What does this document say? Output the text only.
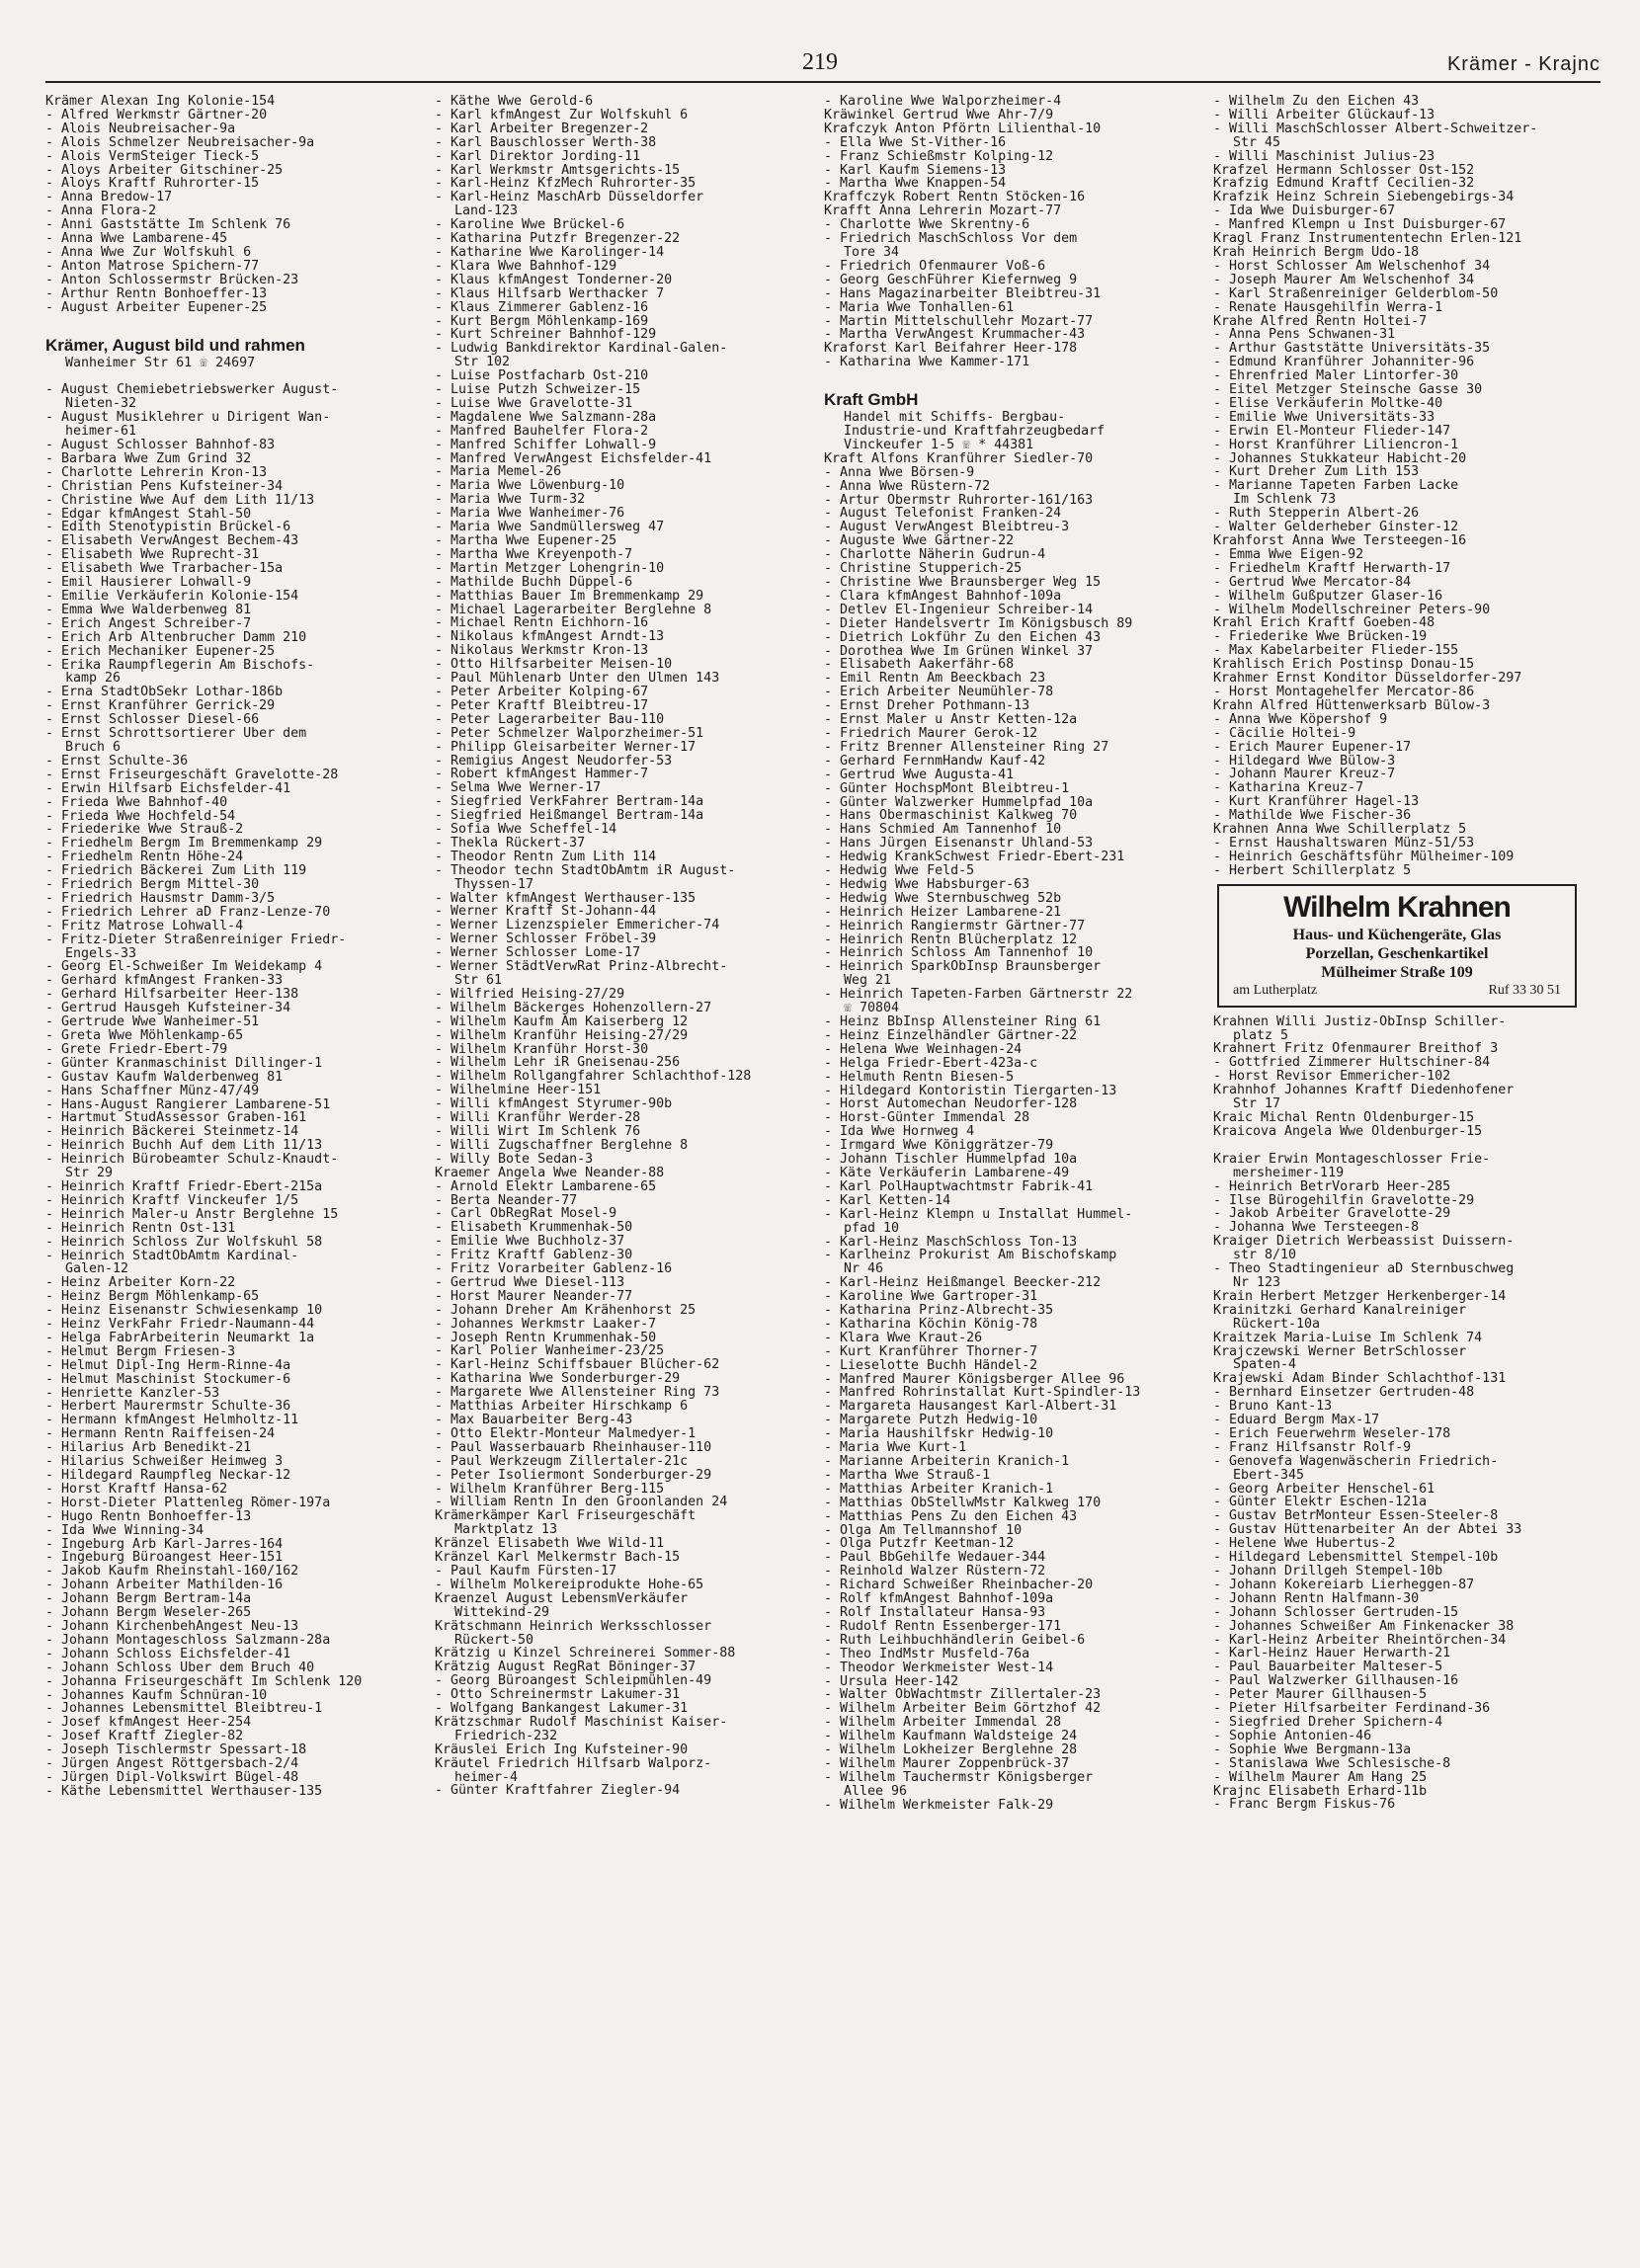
219	Krämer - Krajnc
Krämer Alexan Ing Kolonie-154
- Alfred Werkmstr Gärtner-20
- Alois Neubreisacher-9a
- Alois Schmelzer Neubreisacher-9a
- Alois VermSteiger Tieck-5
- Aloys Arbeiter Gitschiner-25
- Aloys Kraftf Ruhrorter-15
- Anna Bredow-17
- Anna Flora-2
- Anni Gaststätte Im Schlenk 76
- Anna Wwe Lambarene-45
- Anna Wwe Zur Wolfskuhl 6
- Anton Matrose Spichern-77
- Anton Schlossermstr Brücken-23
- Arthur Rentn Bonhoeffer-13
- August Arbeiter Eupener-25
Krämer, August bild und rahmen
Wanheimer Str 61 ☏ 24697
- August Chemiebetriebswerker August-
Nieten-32
- August Musiklehrer u Dirigent Wan-
heimer-61
- August Schlosser Bahnhof-83
- Barbara Wwe Zum Grind 32
- Charlotte Lehrerin Kron-13
- Christian Pens Kufsteiner-34
- Christine Wwe Auf dem Lith 11/13
- Edgar kfmAngest Stahl-50
- Edith Stenotypistin Brückel-6
- Elisabeth VerwAngest Bechem-43
- Elisabeth Wwe Ruprecht-31
- Elisabeth Wwe Trarbacher-15a
- Emil Hausierer Lohwall-9
- Emilie Verkäuferin Kolonie-154
- Emma Wwe Walderbenweg 81
- Erich Angest Schreiber-7
- Erich Arb Altenbrucher Damm 210
- Erich Mechaniker Eupener-25
- Erika Raumpflegerin Am Bischofs-
kamp 26
- Erna StadtObSekr Lothar-186b
- Ernst Kranführer Gerrick-29
- Ernst Schlosser Diesel-66
- Ernst Schrottsortierer Über dem
Bruch 6
- Ernst Schulte-36
- Ernst Friseurgeschäft Gravelotte-28
- Erwin Hilfsarb Eichsfelder-41
- Frieda Wwe Bahnhof-40
- Frieda Wwe Hochfeld-54
- Friederike Wwe Strauß-2
- Friedhelm Bergm Im Bremmenkamp 29
- Friedhelm Rentn Höhe-24
- Friedrich Bäckerei Zum Lith 119
- Friedrich Bergm Mittel-30
- Friedrich Hausmstr Damm-3/5
- Friedrich Lehrer aD Franz-Lenze-70
- Fritz Matrose Lohwall-4
- Fritz-Dieter Straßenreiniger Friedr-
Engels-33
- Georg El-Schweißer Im Weidekamp 4
- Gerhard kfmAngest Franken-33
- Gerhard Hilfsarbeiter Heer-138
- Gertrud Hausgeh Kufsteiner-34
- Gertrude Wwe Wanheimer-51
- Greta Wwe Möhlenkamp-65
- Grete Friedr-Ebert-79
- Günter Kranmaschinist Dillinger-1
- Gustav Kaufm Walderbenweg 81
- Hans Schaffner Münz-47/49
- Hans-August Rangierer Lambarene-51
- Hartmut StudAssessor Graben-161
- Heinrich Bäckerei Steinmetz-14
- Heinrich Buchh Auf dem Lith 11/13
- Heinrich Bürobeamter Schulz-Knaudt-
Str 29
- Heinrich Kraftf Friedr-Ebert-215a
- Heinrich Kraftf Vinckeufer 1/5
- Heinrich Maler-u Anstr Berglehne 15
- Heinrich Rentn Ost-131
- Heinrich Schloss Zur Wolfskuhl 58
- Heinrich StadtObAmtm Kardinal-
Galen-12
- Heinz Arbeiter Korn-22
- Heinz Bergm Möhlenkamp-65
- Heinz Eisenanstr Schwiesenkamp 10
- Heinz VerkFahr Friedr-Naumann-44
- Helga FabrArbeiterin Neumarkt 1a
- Helmut Bergm Friesen-3
- Helmut Dipl-Ing Herm-Rinne-4a
- Helmut Maschinist Stockumer-6
- Henriette Kanzler-53
- Herbert Maurermstr Schulte-36
- Hermann kfmAngest Helmholtz-11
- Hermann Rentn Raiffeisen-24
- Hilarius Arb Benedikt-21
- Hilarius Schweißer Heimweg 3
- Hildegard Raumpfleg Neckar-12
- Horst Kraftf Hansa-62
- Horst-Dieter Plattenleg Römer-197a
- Hugo Rentn Bonhoeffer-13
- Ida Wwe Winning-34
- Ingeburg Arb Karl-Jarres-164
- Ingeburg Büroangest Heer-151
- Jakob Kaufm Rheinstahl-160/162
- Johann Arbeiter Mathilden-16
- Johann Bergm Bertram-14a
- Johann Bergm Weseler-265
- Johann KirchenbehAngest Neu-13
- Johann Montageschloss Salzmann-28a
- Johann Schloss Eichsfelder-41
- Johann Schloss Über dem Bruch 40
- Johanna Friseurgeschäft Im Schlenk 120
- Johannes Kaufm Schnüran-10
- Johannes Lebensmittel Bleibtreu-1
- Josef kfmAngest Heer-254
- Josef Kraftf Ziegler-82
- Joseph Tischlermstr Spessart-18
- Jürgen Angest Röttgersbach-2/4
- Jürgen Dipl-Volkswirt Bügel-48
- Käthe Lebensmittel Werthauser-135
- Käthe Wwe Gerold-6
- Karl kfmAngest Zur Wolfskuhl 6
- Karl Arbeiter Bregenzer-2
- Karl Bauschlosser Werth-38
- Karl Direktor Jording-11
- Karl Werkmstr Amtsgerichts-15
- Karl-Heinz KfzMech Ruhrorter-35
- Karl-Heinz MaschArb Düsseldorfer
Land-123
- Karoline Wwe Brückel-6
- Katharina Putzfr Bregenzer-22
- Katharine Wwe Karolinger-14
- Klara Wwe Bahnhof-129
- Klaus kfmAngest Tonderner-20
- Klaus Hilfsarb Werthacker 7
- Klaus Zimmerer Gablenz-16
- Kurt Bergm Möhlenkamp-169
- Kurt Schreiner Bahnhof-129
- Ludwig Bankdirektor Kardinal-Galen-
Str 102
- Luise Postfacharb Ost-210
- Luise Putzh Schweizer-15
- Luise Wwe Gravelotte-31
- Magdalene Wwe Salzmann-28a
- Manfred Bauhelfer Flora-2
- Manfred Schiffer Lohwall-9
- Manfred VerwAngest Eichsfelder-41
- Maria Memel-26
- Maria Wwe Löwenburg-10
- Maria Wwe Turm-32
- Maria Wwe Wanheimer-76
- Maria Wwe Sandmüllersweg 47
- Martha Wwe Eupener-25
- Martha Wwe Kreyenpoth-7
- Martin Metzger Lohengrin-10
- Mathilde Buchh Düppel-6
- Matthias Bauer Im Bremmenkamp 29
- Michael Lagerarbeiter Berglehne 8
- Michael Rentn Eichhorn-16
- Nikolaus kfmAngest Arndt-13
- Nikolaus Werkmstr Kron-13
- Otto Hilfsarbeiter Meisen-10
- Paul Mühlenarb Unter den Ulmen 143
- Peter Arbeiter Kolping-67
- Peter Kraftf Bleibtreu-17
- Peter Lagerarbeiter Bau-110
- Peter Schmelzer Walporzheimer-51
- Philipp Gleisarbeiter Werner-17
- Remigius Angest Neudorfer-53
- Robert kfmAngest Hammer-7
- Selma Wwe Werner-17
- Siegfried VerkFahrer Bertram-14a
- Siegfried Heißmangel Bertram-14a
- Sofia Wwe Scheffel-14
- Thekla Rückert-37
- Theodor Rentn Zum Lith 114
- Theodor techn StadtObAmtm iR August-
Thyssen-17
- Walter kfmAngest Werthauser-135
- Werner Kraftf St-Johann-44
- Werner Lizenzspieler Emmericher-74
- Werner Schlosser Fröbel-39
- Werner Schlosser Lome-17
- Werner StädtVerwRat Prinz-Albrecht-
Str 61
- Wilfried Heising-27/29
- Wilhelm Bäckerges Hohenzollern-27
- Wilhelm Kaufm Am Kaiserberg 12
- Wilhelm Kranführ Heising-27/29
- Wilhelm Kranführ Horst-30
- Wilhelm Lehr iR Gneisenau-256
- Wilhelm Rollgangfahrer Schlachthof-128
- Wilhelmine Heer-151
- Willi kfmAngest Styrumer-90b
- Willi Kranführ Werder-28
- Willi Wirt Im Schlenk 76
- Willi Zugschaffner Berglehne 8
- Willy Bote Sedan-3
Kraemer Angela Wwe Neander-88
- Arnold Elektr Lambarene-65
- Berta Neander-77
- Carl ObRegRat Mosel-9
- Elisabeth Krummenhak-50
- Emilie Wwe Buchholz-37
- Fritz Kraftf Gablenz-30
- Fritz Vorarbeiter Gablenz-16
- Gertrud Wwe Diesel-113
- Horst Maurer Neander-77
- Johann Dreher Am Krähenhorst 25
- Johannes Werkmstr Laaker-7
- Joseph Rentn Krummenhak-50
- Karl Polier Wanheimer-23/25
- Karl-Heinz Schiffsbauer Blücher-62
- Katharina Wwe Sonderburger-29
- Margarete Wwe Allensteiner Ring 73
- Matthias Arbeiter Hirschkamp 6
- Max Bauarbeiter Berg-43
- Otto Elektr-Monteur Malmedyer-1
- Paul Wasserbauarb Rheinhauser-110
- Paul Werkzeugm Zillertaler-21c
- Peter Isoliermont Sonderburger-29
- Wilhelm Kranführer Berg-115
- William Rentn In den Groonlanden 24
Krämerkämper Karl Friseurgeschäft
Marktplatz 13
Kränzel Elisabeth Wwe Wild-11
Kränzel Karl Melkermstr Bach-15
- Paul Kaufm Fürsten-17
- Wilhelm Molkereiprodukte Hohe-65
Kraenzel August LebensmVerkäufer
Wittekind-29
Krätschmann Heinrich Werksschlosser
Rückert-50
Krätzig u Kinzel Schreinerei Sommer-88
Krätzig August RegRat Böninger-37
- Georg Büroangest Schleipmühlen-49
- Otto Schreinermstr Lakumer-31
- Wolfgang Bankangest Lakumer-31
Krätzschmar Rudolf Maschinist Kaiser-
Friedrich-232
Kräuslei Erich Ing Kufsteiner-90
Kräutel Friedrich Hilfsarb Walporz-
heimer-4
- Günter Kraftfahrer Ziegler-94
- Karoline Wwe Walporzheimer-4
Kräwinkel Gertrud Wwe Ahr-7/9
Krafczyk Anton Pförtn Lilienthal-10
- Ella Wwe St-Vither-16
- Franz Schießmstr Kolping-12
- Karl Kaufm Siemens-13
- Martha Wwe Knappen-54
Kraffczyk Robert Rentn Stöcken-16
Krafft Anna Lehrerin Mozart-77
- Charlotte Wwe Skrentny-6
- Friedrich MaschSchloss Vor dem
Tore 34
- Friedrich Ofenmaurer Voß-6
- Georg GeschFührer Kiefernweg 9
- Hans Magazinarbeiter Bleibtreu-31
- Maria Wwe Tonhallen-61
- Martin Mittelschullehr Mozart-77
- Martha VerwAngest Krummacher-43
Kraforst Karl Beifahrer Heer-178
- Katharina Wwe Kammer-171
Kraft GmbH
Handel mit Schiffs- Bergbau-
Industrie-und Kraftfahrzeugbedarf
Vinckeufer 1-5 ☏ * 44381
Kraft Alfons Kranführer Siedler-70
- Anna Wwe Börsen-9
- Anna Wwe Rüstern-72
- Artur Obermstr Ruhrorter-161/163
- August Telefonist Franken-24
- August VerwAngest Bleibtreu-3
- Auguste Wwe Gärtner-22
- Charlotte Näherin Gudrun-4
- Christine Stupperich-25
- Christine Wwe Braunsberger Weg 15
- Clara kfmAngest Bahnhof-109a
- Detlev El-Ingenieur Schreiber-14
- Dieter Handelsvertr Im Königsbusch 89
- Dietrich Lokführ Zu den Eichen 43
- Dorothea Wwe Im Grünen Winkel 37
- Elisabeth Aakerfähr-68
- Emil Rentn Am Beeckbach 23
- Erich Arbeiter Neumühler-78
- Ernst Dreher Pothmann-13
- Ernst Maler u Anstr Ketten-12a
- Friedrich Maurer Gerok-12
- Fritz Brenner Allensteiner Ring 27
- Gerhard FernmHandw Kauf-42
- Gertrud Wwe Augusta-41
- Günter HochspMont Bleibtreu-1
- Günter Walzwerker Hummelpfad 10a
- Hans Obermaschinist Kalkweg 70
- Hans Schmied Am Tannenhof 10
- Hans Jürgen Eisenanstr Uhland-53
- Hedwig KrankSchwest Friedr-Ebert-231
- Hedwig Wwe Feld-5
- Hedwig Wwe Habsburger-63
- Hedwig Wwe Sternbuschweg 52b
- Heinrich Heizer Lambarene-21
- Heinrich Rangiermstr Gärtner-77
- Heinrich Rentn Blücherplatz 12
- Heinrich Schloss Am Tannenhof 10
- Heinrich SparkObInsp Braunsberger
Weg 21
- Heinrich Tapeten-Farben Gärtnerstr 22
☏ 70804
- Heinz BbInsp Allensteiner Ring 61
- Heinz Einzelhändler Gärtner-22
- Helena Wwe Weinhagen-24
- Helga Friedr-Ebert-423a-c
- Helmuth Rentn Biesen-5
- Hildegard Kontoristin Tiergarten-13
- Horst Automechan Neudorfer-128
- Horst-Günter Immendal 28
- Ida Wwe Hornweg 4
- Irmgard Wwe Königgrätzer-79
- Johann Tischler Hummelpfad 10a
- Käte Verkäuferin Lambarene-49
- Karl PolHauptwachtmstr Fabrik-41
- Karl Ketten-14
- Karl-Heinz Klempn u Installat Hummel-
pfad 10
- Karl-Heinz MaschSchloss Ton-13
- Karlheinz Prokurist Am Bischofskamp
Nr 46
- Karl-Heinz Heißmangel Beecker-212
- Karoline Wwe Gartroper-31
- Katharina Prinz-Albrecht-35
- Katharina Köchin König-78
- Klara Wwe Kraut-26
- Kurt Kranführer Thorner-7
- Lieselotte Buchh Händel-2
- Manfred Maurer Königsberger Allee 96
- Manfred Rohrinstallat Kurt-Spindler-13
- Margareta Hausangest Karl-Albert-31
- Margarete Putzh Hedwig-10
- Maria Haushilfskr Hedwig-10
- Maria Wwe Kurt-1
- Marianne Arbeiterin Kranich-1
- Martha Wwe Strauß-1
- Matthias Arbeiter Kranich-1
- Matthias ObStellwMstr Kalkweg 170
- Matthias Pens Zu den Eichen 43
- Olga Am Tellmannshof 10
- Olga Putzfr Keetman-12
- Paul BbGehilfe Wedauer-344
- Reinhold Walzer Rüstern-72
- Richard Schweißer Rheinbacher-20
- Rolf kfmAngest Bahnhof-109a
- Rolf Installateur Hansa-93
- Rudolf Rentn Essenberger-171
- Ruth Leihbuchhändlerin Geibel-6
- Theo IndMstr Musfeld-76a
- Theodor Werkmeister West-14
- Ursula Heer-142
- Walter ObWachtmstr Zillertaler-23
- Wilhelm Arbeiter Beim Görtzhof 42
- Wilhelm Arbeiter Immendal 28
- Wilhelm Kaufmann Waldsteige 24
- Wilhelm Lokheizer Berglehne 28
- Wilhelm Maurer Zoppenbrück-37
- Wilhelm Tauchermstr Königsberger
Allee 96
- Wilhelm Werkmeister Falk-29
- Wilhelm Zu den Eichen 43
- Willi Arbeiter Glückauf-13
- Willi MaschSchlosser Albert-Schweitzer-
Str 45
- Willi Maschinist Julius-23
Krafzel Hermann Schlosser Ost-152
Krafzig Edmund Kraftf Cecilien-32
Krafzik Heinz Schrein Siebengebirgs-34
- Ida Wwe Duisburger-67
- Manfred Klempn u Inst Duisburger-67
Kragl Franz Instrumententechn Erlen-121
Krah Heinrich Bergm Udo-18
- Horst Schlosser Am Welschenhof 34
- Joseph Maurer Am Welschenhof 34
- Karl Straßenreiniger Gelderblom-50
- Renate Hausgehilfin Werra-1
Krahe Alfred Rentn Holtei-7
- Anna Pens Schwanen-31
- Arthur Gaststätte Universitäts-35
- Edmund Kranführer Johanniter-96
- Ehrenfried Maler Lintorfer-30
- Eitel Metzger Steinsche Gasse 30
- Elise Verkäuferin Moltke-40
- Emilie Wwe Universitäts-33
- Erwin El-Monteur Flieder-147
- Horst Kranführer Liliencron-1
- Johannes Stukkateur Habicht-20
- Kurt Dreher Zum Lith 153
- Marianne Tapeten Farben Lacke
Im Schlenk 73
- Ruth Stepperin Albert-26
- Walter Gelderheber Ginster-12
Krahforst Anna Wwe Tersteegen-16
- Emma Wwe Eigen-92
- Friedhelm Kraftf Herwarth-17
- Gertrud Wwe Mercator-84
- Wilhelm Gußputzer Glaser-16
- Wilhelm Modellschreiner Peters-90
Krahl Erich Kraftf Goeben-48
- Friederike Wwe Brücken-19
- Max Kabelarbeiter Flieder-155
Krahlisch Erich Postinsp Donau-15
Krahmer Ernst Konditor Düsseldorfer-297
- Horst Montagehelfer Mercator-86
Krahn Alfred Hüttenwerksarb Bülow-3
- Anna Wwe Köpershof 9
- Cäcilie Holtei-9
- Erich Maurer Eupener-17
- Hildegard Wwe Bülow-3
- Johann Maurer Kreuz-7
- Katharina Kreuz-7
- Kurt Kranführer Hagel-13
- Mathilde Wwe Fischer-36
Krahnen Anna Wwe Schillerplatz 5
- Ernst Haushaltswaren Münz-51/53
- Heinrich Geschäftsführ Mülheimer-109
- Herbert Schillerplatz 5
Wilhelm Krahnen
Haus- und Küchengeräte, Glas
Porzellan, Geschenkartikel
Mülheimer Straße 109
am Lutherplatz	Ruf 33 30 51
Krahnen Willi Justiz-ObInsp Schiller-
platz 5
Krahnert Fritz Ofenmaurer Breithof 3
- Gottfried Zimmerer Hultschiner-84
- Horst Revisor Emmericher-102
Krahnhof Johannes Kraftf Diedenhofener
Str 17
Kraic Michal Rentn Oldenburger-15
Kraicova Angela Wwe Oldenburger-15
Kraier Erwin Montageschlosser Frie-
mersheimer-119
- Heinrich BetrVorarb Heer-285
- Ilse Bürogehilfin Gravelotte-29
- Jakob Arbeiter Gravelotte-29
- Johanna Wwe Tersteegen-8
Kraiger Dietrich Werbeassist Duissern-
str 8/10
- Theo Stadtingenieur aD Sternbuschweg
Nr 123
Krain Herbert Metzger Herkenberger-14
Krainitzki Gerhard Kanalreiniger
Rückert-10a
Kraitzek Maria-Luise Im Schlenk 74
Krajczewski Werner BetrSchlosser
Spaten-4
Krajewski Adam Binder Schlachthof-131
- Bernhard Einsetzer Gertruden-48
- Bruno Kant-13
- Eduard Bergm Max-17
- Erich Feuerwehrm Weseler-178
- Franz Hilfsanstr Rolf-9
- Genovefa Wagenwäscherin Friedrich-
Ebert-345
- Georg Arbeiter Henschel-61
- Günter Elektr Eschen-121a
- Gustav BetrMonteur Essen-Steeler-8
- Gustav Hüttenarbeiter An der Abtei 33
- Helene Wwe Hubertus-2
- Hildegard Lebensmittel Stempel-10b
- Johann Drillgeh Stempel-10b
- Johann Kokereiarb Lierheggen-87
- Johann Rentn Halfmann-30
- Johann Schlosser Gertruden-15
- Johannes Schweißer Am Finkenacker 38
- Karl-Heinz Arbeiter Rheintörchen-34
- Karl-Heinz Hauer Herwarth-21
- Paul Bauarbeiter Malteser-5
- Paul Walzwerker Gillhausen-16
- Peter Maurer Gillhausen-5
- Pieter Hilfsarbeiter Ferdinand-36
- Siegfried Dreher Spichern-4
- Sophie Antonien-46
- Sophie Wwe Bergmann-13a
- Stanislawa Wwe Schlesische-8
- Wilhelm Maurer Am Hang 25
Krajnc Elisabeth Erhard-11b
- Franc Bergm Fiskus-76
